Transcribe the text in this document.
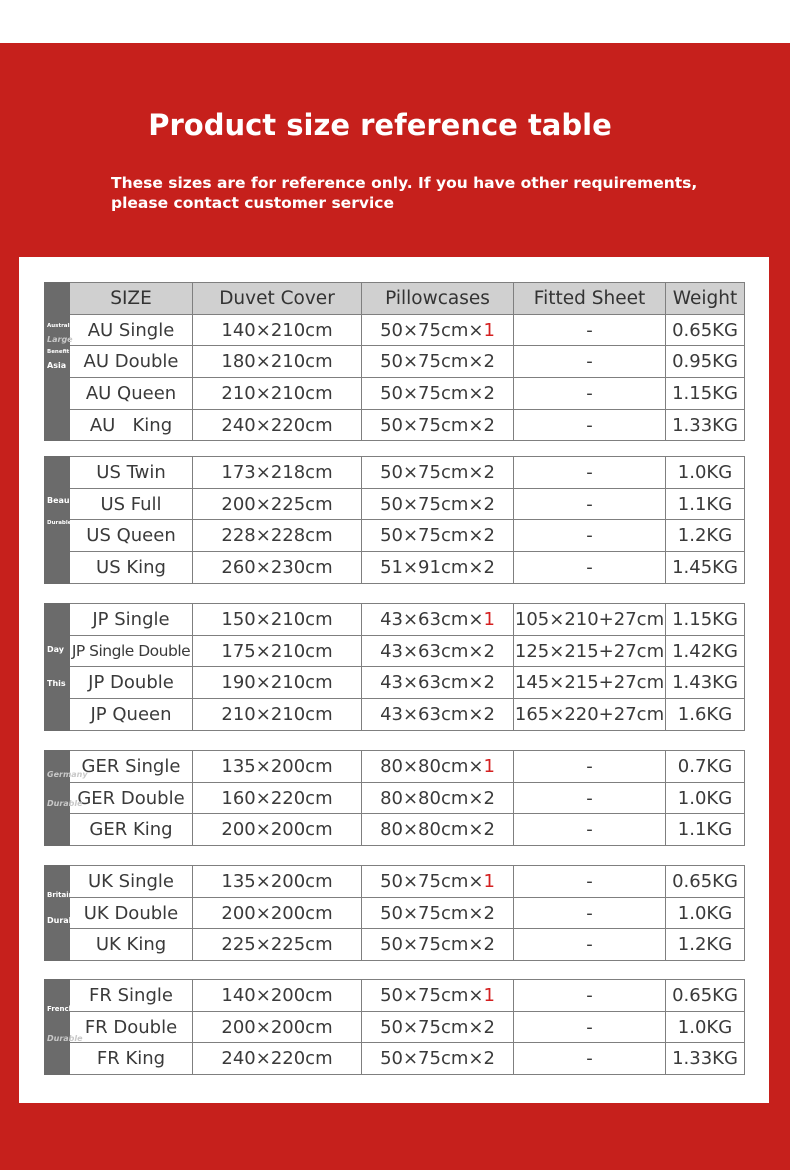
Product size reference table

These sizes are for reference only. If you have other requirements,
please contact customer service

	SIZE	Duvet Cover	Pillowcases	Fitted Sheet	Weight

Australia
Large
Benefit
Asia	AU Single	140×210cm	50×75cm×1	-	0.65KG
	AU Double	180×210cm	50×75cm×2	-	0.95KG
	AU Queen	210×210cm	50×75cm×2	-	1.15KG
	AU   King	240×220cm	50×75cm×2	-	1.33KG
Beau
Durable	US Twin	173×218cm	50×75cm×2	-	1.0KG
	US Full	200×225cm	50×75cm×2	-	1.1KG
	US Queen	228×228cm	50×75cm×2	-	1.2KG
	US King	260×230cm	51×91cm×2	-	1.45KG
Day
This	JP Single	150×210cm	43×63cm×1	105×210+27cm	1.15KG
	JP Single Double	175×210cm	43×63cm×2	125×215+27cm	1.42KG
	JP Double	190×210cm	43×63cm×2	145×215+27cm	1.43KG
	JP Queen	210×210cm	43×63cm×2	165×220+27cm	1.6KG
Germany
Durable	GER Single	135×200cm	80×80cm×1	-	0.7KG
	GER Double	160×220cm	80×80cm×2	-	1.0KG
	GER King	200×200cm	80×80cm×2	-	1.1KG
Britain
Durable	UK Single	135×200cm	50×75cm×1	-	0.65KG
	UK Double	200×200cm	50×75cm×2	-	1.0KG
	UK King	225×225cm	50×75cm×2	-	1.2KG
French
Durable	FR Single	140×200cm	50×75cm×1	-	0.65KG
	FR Double	200×200cm	50×75cm×2	-	1.0KG
	FR King	240×220cm	50×75cm×2	-	1.33KG
